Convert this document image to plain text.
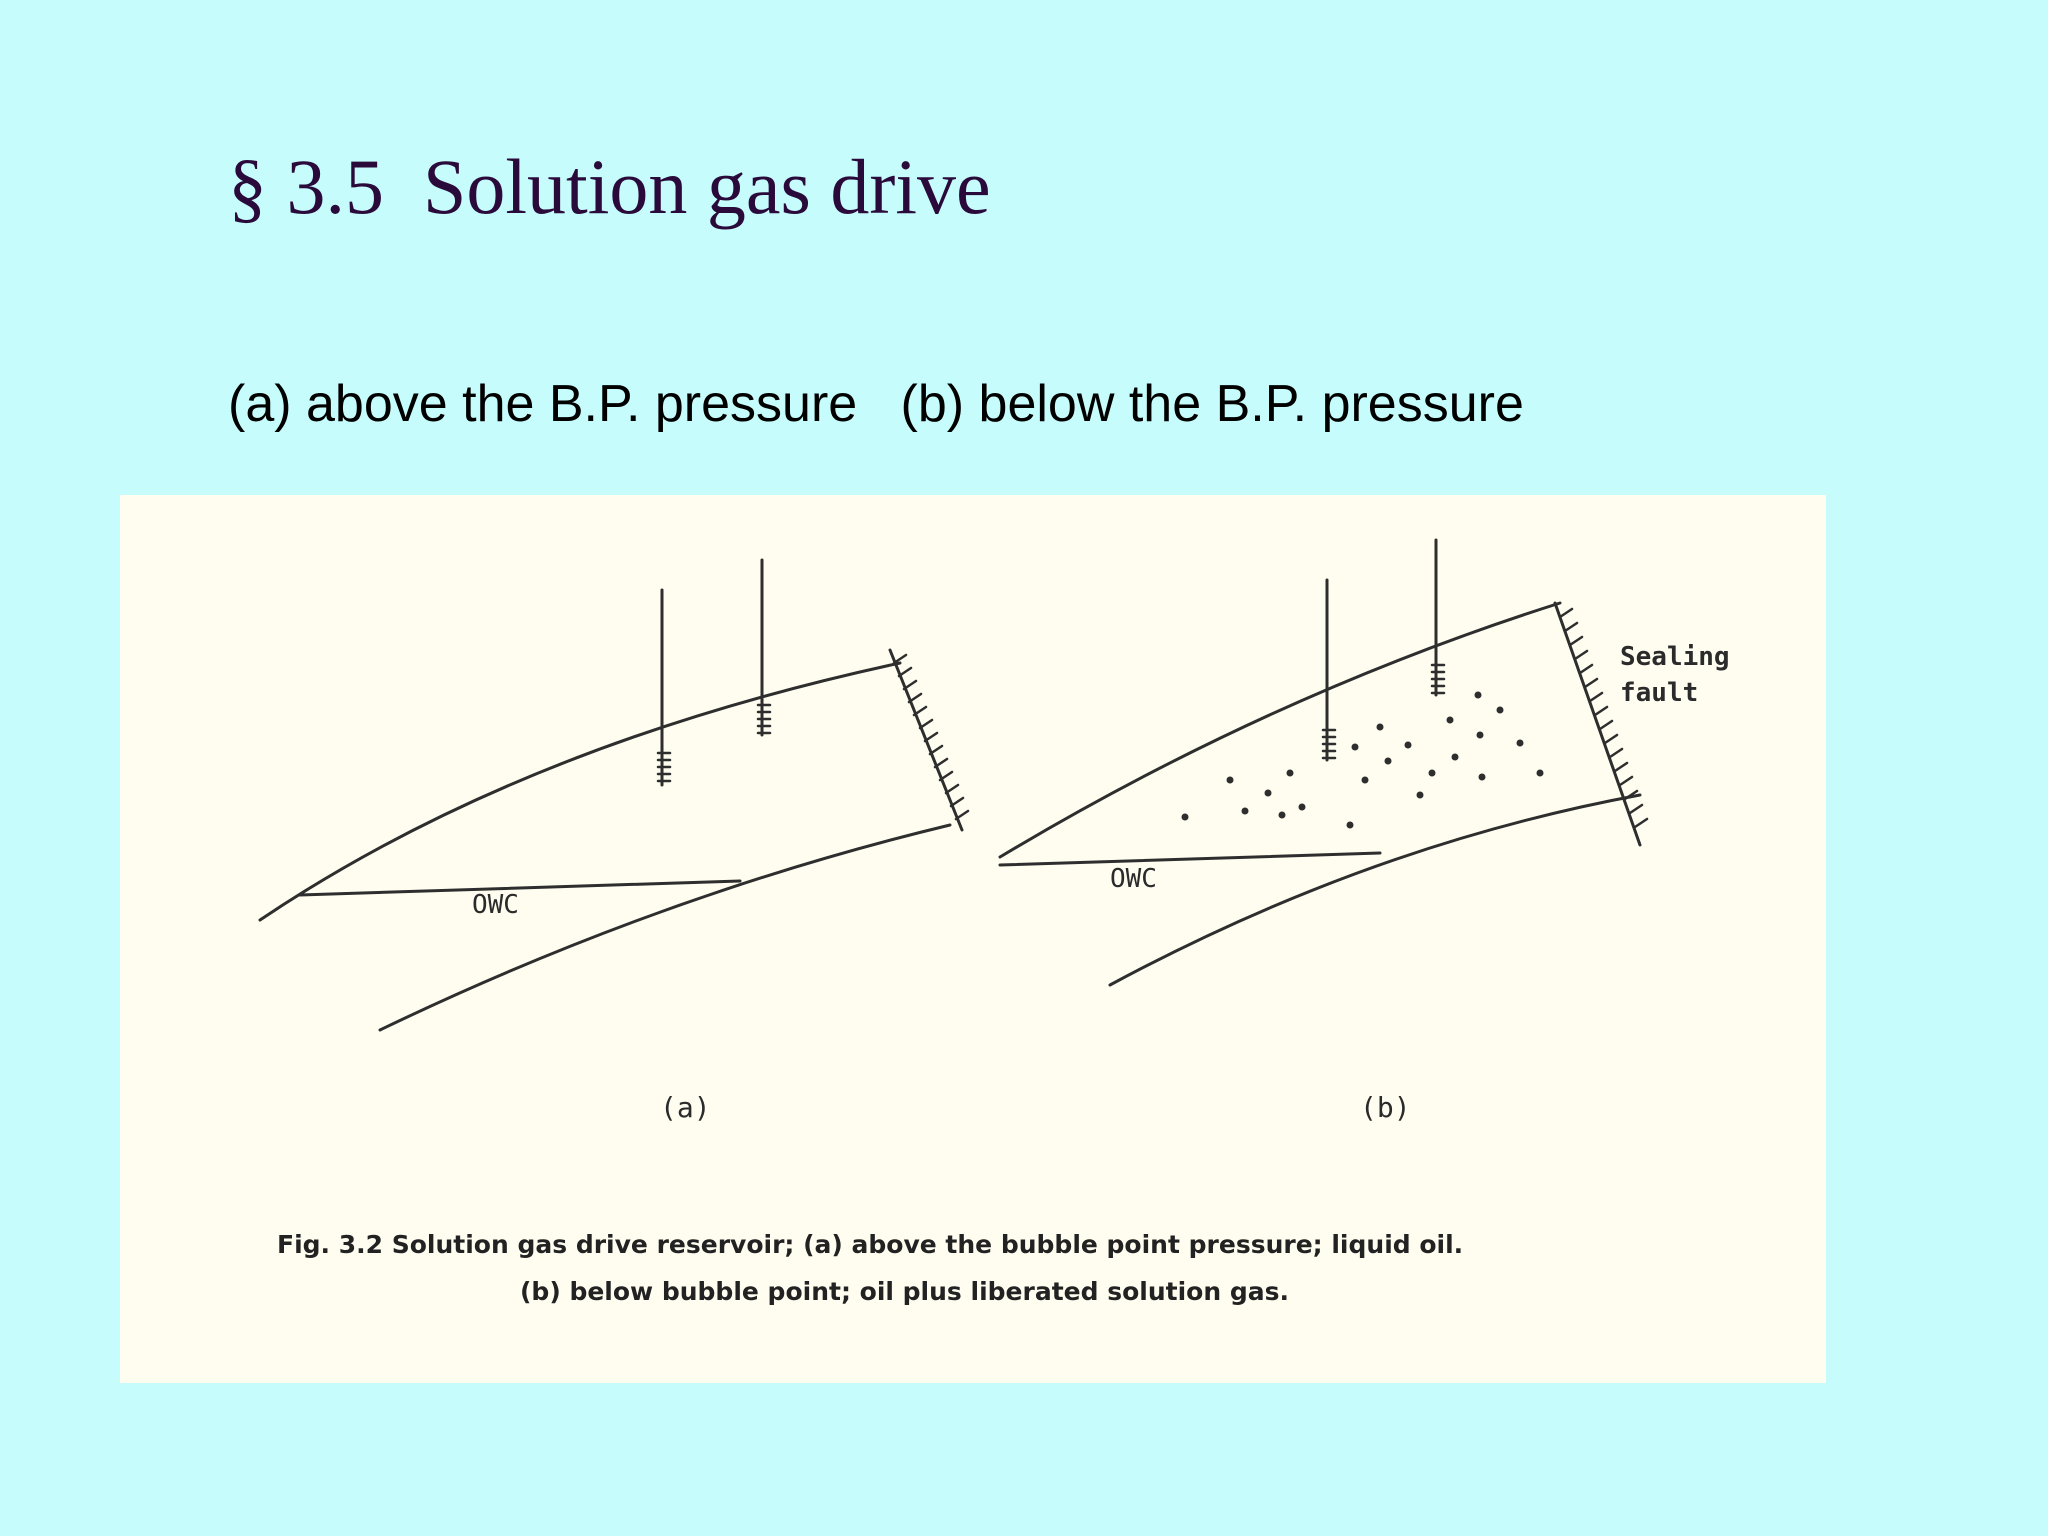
§ 3.5  Solution gas drive
(a) above the B.P. pressure   (b) below the B.P. pressure
OWC
OWC
(a)	(b)
Sealing
fault
Fig. 3.2 Solution gas drive reservoir; (a) above the bubble point pressure; liquid oil.
(b) below bubble point; oil plus liberated solution gas.
